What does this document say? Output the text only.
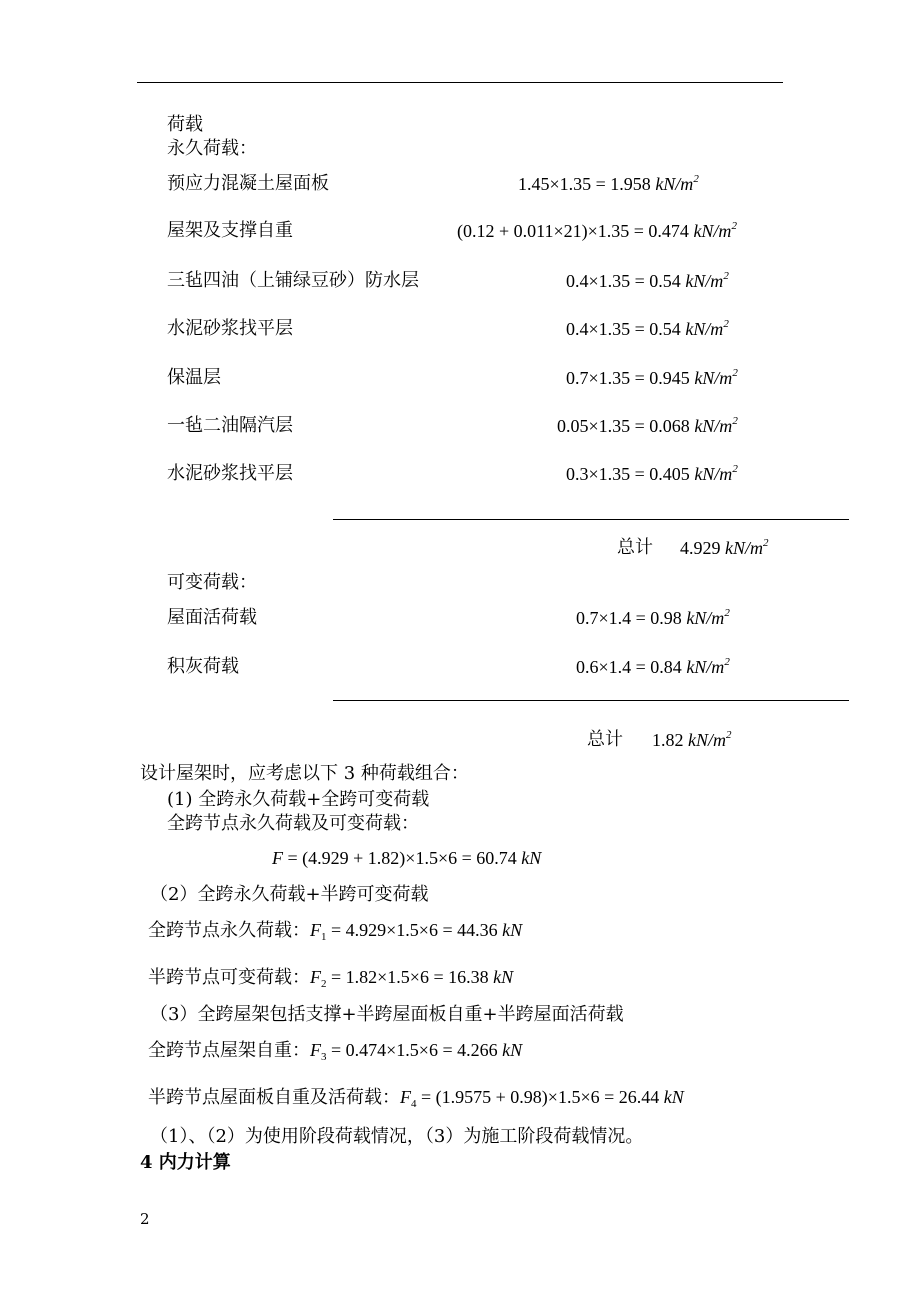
荷载
永久荷载：
预应力混凝土屋面板	1.45×1.35 = 1.958 $kN/m^2$
屋架及支撑自重	(0.12 + 0.011×21)×1.35 = 0.474 $kN/m^2$
三毡四油（上铺绿豆砂）防水层	0.4×1.35 = 0.54 $kN/m^2$
水泥砂浆找平层	0.4×1.35 = 0.54 $kN/m^2$
保温层	0.7×1.35 = 0.945 $kN/m^2$
一毡二油隔汽层	0.05×1.35 = 0.068 $kN/m^2$
水泥砂浆找平层	0.3×1.35 = 0.405 $kN/m^2$
总计 4.929 $kN/m^2$
可变荷载：
屋面活荷载	0.7×1.4 = 0.98 $kN/m^2$
积灰荷载	0.6×1.4 = 0.84 $kN/m^2$
总计 1.82 $kN/m^2$
设计屋架时，应考虑以下 3 种荷载组合：
(1) 全跨永久荷载+全跨可变荷载
全跨节点永久荷载及可变荷载：
F = (4.929 + 1.82)×1.5×6 = 60.74 kN
（2）全跨永久荷载+半跨可变荷载
全跨节点永久荷载：$F_1 = 4.929\times 1.5\times 6 = 44.36$ kN
半跨节点可变荷载：$F_2 = 1.82\times 1.5\times 6 = 16.38$ kN
（3）全跨屋架包括支撑+半跨屋面板自重+半跨屋面活荷载
全跨节点屋架自重：$F_3 = 0.474\times 1.5\times 6 = 4.266$ kN
半跨节点屋面板自重及活荷载：$F_4 = (1.9575 + 0.98)\times 1.5\times 6 = 26.44$ kN
（1）、（2）为使用阶段荷载情况，（3）为施工阶段荷载情况。
4 内力计算
2
